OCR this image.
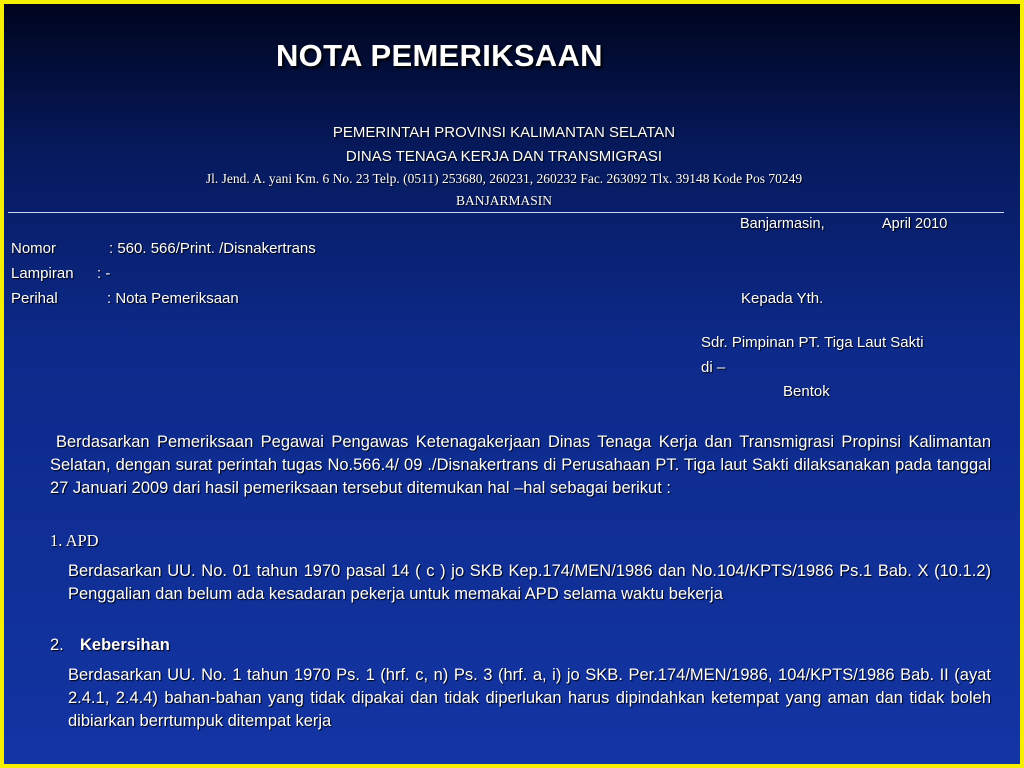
NOTA PEMERIKSAAN
PEMERINTAH PROVINSI KALIMANTAN SELATAN
DINAS TENAGA KERJA DAN TRANSMIGRASI
Jl. Jend. A. yani Km. 6 No. 23 Telp. (0511) 253680, 260231, 260232 Fac. 263092 Tlx. 39148 Kode Pos 70249
BANJARMASIN
Banjarmasin,	April 2010
Nomor	: 560. 566/Print. /Disnakertrans
Lampiran : -
Perihal	: Nota Pemeriksaan	Kepada Yth.
Sdr. Pimpinan PT. Tiga Laut Sakti
di –
Bentok
Berdasarkan Pemeriksaan Pegawai Pengawas Ketenagakerjaan Dinas Tenaga Kerja dan Transmigrasi Propinsi Kalimantan Selatan, dengan surat perintah tugas No.566.4/ 09 ./Disnakertrans di Perusahaan PT. Tiga laut Sakti dilaksanakan pada tanggal 27 Januari 2009 dari hasil pemeriksaan tersebut ditemukan hal –hal sebagai berikut :
1. APD
Berdasarkan UU. No. 01 tahun 1970 pasal 14 ( c ) jo SKB Kep.174/MEN/1986 dan No.104/KPTS/1986 Ps.1 Bab. X (10.1.2) Penggalian dan belum ada kesadaran pekerja untuk memakai APD selama waktu bekerja
2. Kebersihan
Berdasarkan UU. No. 1 tahun 1970 Ps. 1 (hrf. c, n) Ps. 3 (hrf. a, i) jo SKB. Per.174/MEN/1986, 104/KPTS/1986 Bab. II (ayat 2.4.1, 2.4.4) bahan-bahan yang tidak dipakai dan tidak diperlukan harus dipindahkan ketempat yang aman dan tidak boleh dibiarkan berrtumpuk ditempat kerja
